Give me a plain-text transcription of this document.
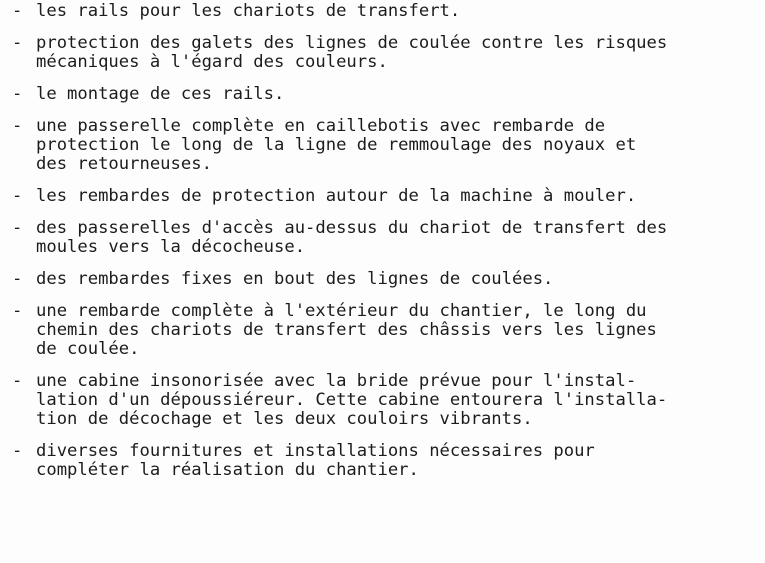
- les rails pour les chariots de transfert.
- protection des galets des lignes de coulée contre les risques
mécaniques à l'égard des couleurs.
- le montage de ces rails.
- une passerelle complète en caillebotis avec rembarde de
protection le long de la ligne de remmoulage des noyaux et
des retourneuses.
- les rembardes de protection autour de la machine à mouler.
- des passerelles d'accès au-dessus du chariot de transfert des
moules vers la décocheuse.
- des rembardes fixes en bout des lignes de coulées.
- une rembarde complète à l'extérieur du chantier, le long du
chemin des chariots de transfert des châssis vers les lignes
de coulée.
- une cabine insonorisée avec la bride prévue pour l'instal-
lation d'un dépoussiéreur. Cette cabine entourera l'installa-
tion de décochage et les deux couloirs vibrants.
- diverses fournitures et installations nécessaires pour
compléter la réalisation du chantier.
